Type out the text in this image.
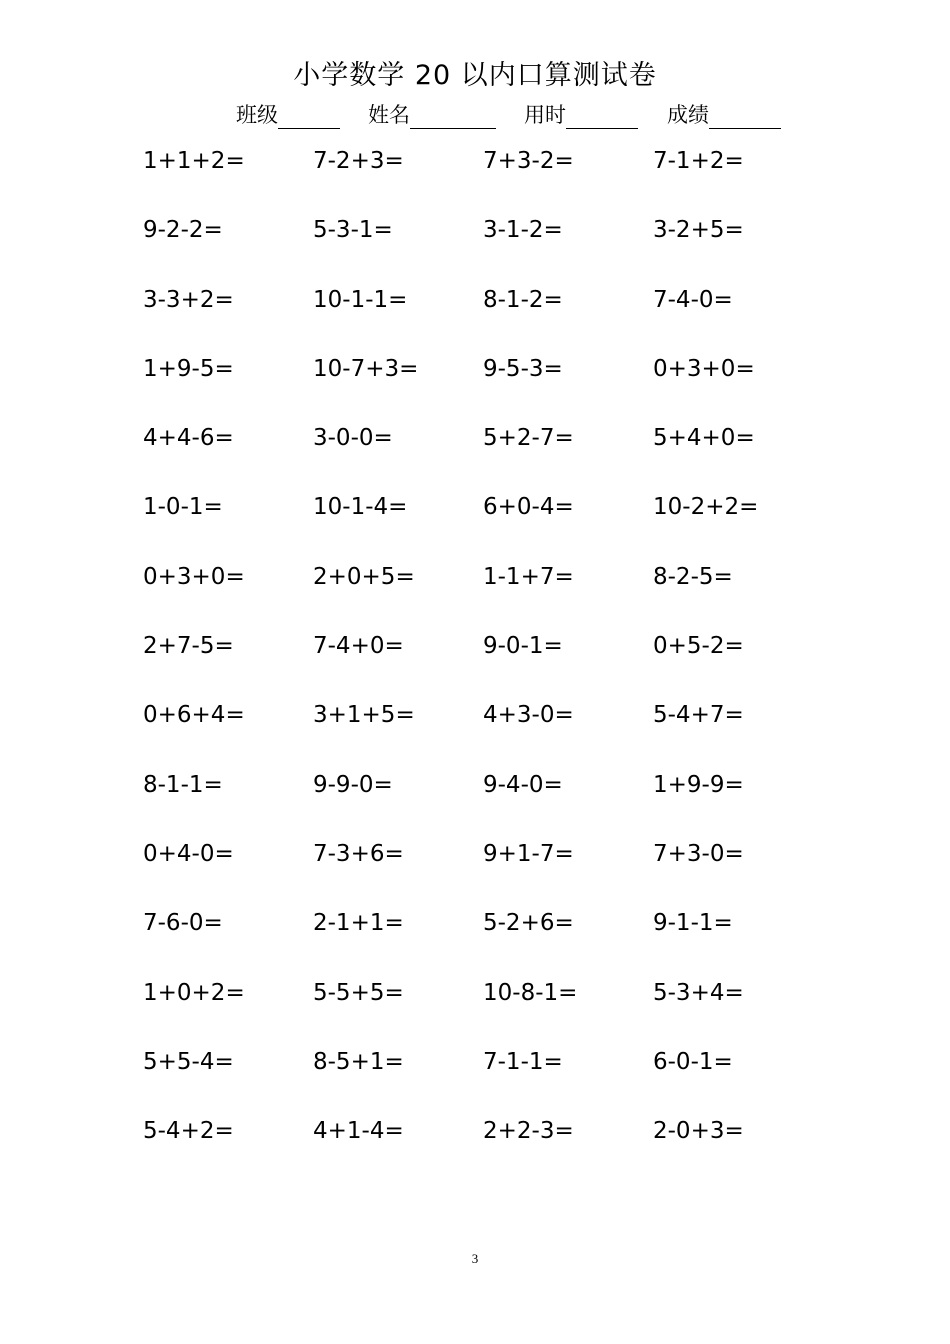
小学数学 20 以内口算测试卷
班级	姓名	用时	成绩
1+1+2=	7-2+3=	7+3-2=	7-1+2=
9-2-2=	5-3-1=	3-1-2=	3-2+5=
3-3+2=	10-1-1=	8-1-2=	7-4-0=
1+9-5=	10-7+3=	9-5-3=	0+3+0=
4+4-6=	3-0-0=	5+2-7=	5+4+0=
1-0-1=	10-1-4=	6+0-4=	10-2+2=
0+3+0=	2+0+5=	1-1+7=	8-2-5=
2+7-5=	7-4+0=	9-0-1=	0+5-2=
0+6+4=	3+1+5=	4+3-0=	5-4+7=
8-1-1=	9-9-0=	9-4-0=	1+9-9=
0+4-0=	7-3+6=	9+1-7=	7+3-0=
7-6-0=	2-1+1=	5-2+6=	9-1-1=
1+0+2=	5-5+5=	10-8-1=	5-3+4=
5+5-4=	8-5+1=	7-1-1=	6-0-1=
5-4+2=	4+1-4=	2+2-3=	2-0+3=
3
